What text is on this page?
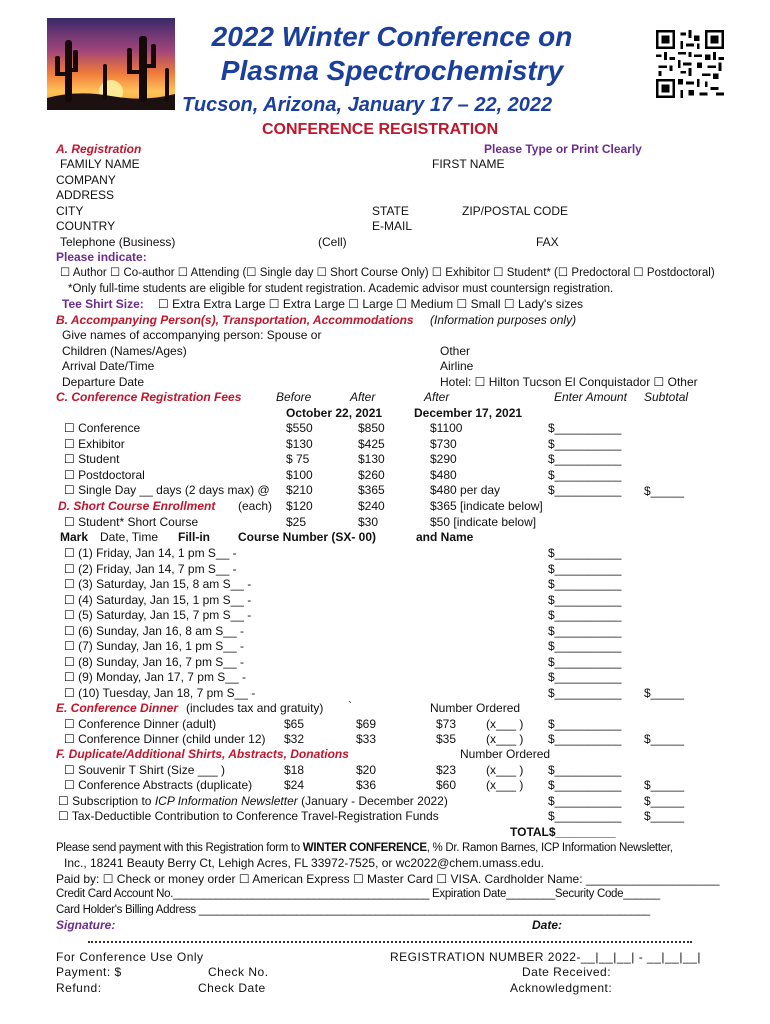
2022 Winter Conference on
Plasma Spectrochemistry
Tucson, Arizona, January 17 – 22, 2022
CONFERENCE REGISTRATION
A. Registration	Please Type or Print Clearly
FAMILY NAME	FIRST NAME
COMPANY
ADDRESS
CITY	STATE	ZIP/POSTAL CODE
COUNTRY	E-MAIL
Telephone (Business)	(Cell)	FAX
Please indicate:
☐ Author ☐ Co-author ☐ Attending (☐ Single day ☐ Short Course Only) ☐ Exhibitor ☐ Student* (☐ Predoctoral ☐ Postdoctoral)
*Only full-time students are eligible for student registration. Academic advisor must countersign registration.
Tee Shirt Size: ☐ Extra Extra Large ☐ Extra Large ☐ Large ☐ Medium ☐ Small ☐ Lady's sizes
B. Accompanying Person(s), Transportation, Accommodations (Information purposes only)
Give names of accompanying person: Spouse or
Children (Names/Ages)	Other
Arrival Date/Time	Airline
Departure Date	Hotel: ☐ Hilton Tucson El Conquistador ☐ Other
C. Conference Registration Fees	Before	After	After	Enter Amount Subtotal
October 22, 2021	December 17, 2021
☐ Conference	$550	$850	$1100	$__________
☐ Exhibitor	$130	$425	$730	$__________
☐ Student	$ 75	$130	$290	$__________
☐ Postdoctoral	$100	$260	$480	$__________
☐ Single Day __ days (2 days max) @ $210	$365	$480 per day	$__________ $_____
D. Short Course Enrollment (each) $120	$240	$365 [indicate below]
☐ Student* Short Course	$25	$30	$50 [indicate below]
Mark Date, Time Fill-in Course Number (SX- 00)	and Name
☐ (1) Friday, Jan 14, 1 pm S__ -	$__________
☐ (2) Friday, Jan 14, 7 pm S__ -	$__________
☐ (3) Saturday, Jan 15, 8 am S__ -	$__________
☐ (4) Saturday, Jan 15, 1 pm S__ -	$__________
☐ (5) Saturday, Jan 15, 7 pm S__ -	$__________
☐ (6) Sunday, Jan 16, 8 am S__ -	$__________
☐ (7) Sunday, Jan 16, 1 pm S__ -	$__________
☐ (8) Sunday, Jan 16, 7 pm S__ -	$__________
☐ (9) Monday, Jan 17, 7 pm S__ -	$__________
☐ (10) Tuesday, Jan 18, 7 pm S__ -	$__________ $_____
E. Conference Dinner (includes tax and gratuity) `	Number Ordered
☐ Conference Dinner (adult)	$65	$69	$73 (x___ ) $__________
☐ Conference Dinner (child under 12) $32	$33	$35 (x___ ) $__________ $_____
F. Duplicate/Additional Shirts, Abstracts, Donations	Number Ordered
☐ Souvenir T Shirt (Size ___ )	$18	$20	$23 (x___ ) $__________
☐ Conference Abstracts (duplicate)	$24	$36	$60 (x___ ) $__________ $_____
☐ Subscription to ICP Information Newsletter (January - December 2022)	$__________ $_____
☐ Tax-Deductible Contribution to Conference Travel-Registration Funds	$__________ $_____
TOTAL$_________
Please send payment with this Registration form to WINTER CONFERENCE, % Dr. Ramon Barnes, ICP Information Newsletter,
Inc., 18241 Beauty Berry Ct, Lehigh Acres, FL 33972-7525, or wc2022@chem.umass.edu.
Paid by: ☐ Check or money order ☐ American Express ☐ Master Card ☐ VISA. Cardholder Name: ____________________
Credit Card Account No.__________________________________________ Expiration Date________Security Code______
Card Holder's Billing Address __________________________________________________________________________
Signature:	Date:
For Conference Use Only	REGISTRATION NUMBER 2022-__|__|__| - __|__|__|
Payment: $	Check No.	Date Received:
Refund:	Check Date	Acknowledgment:
